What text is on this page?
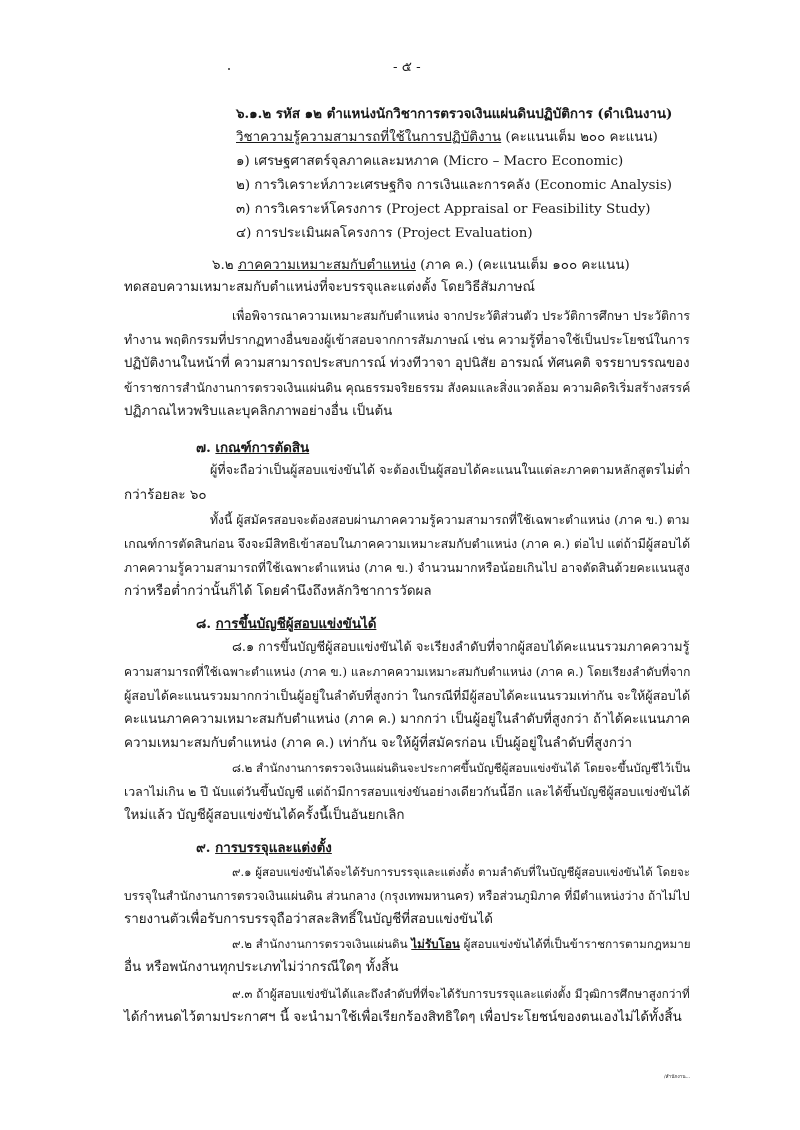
- ๕ -
๖.๑.๒ รหัส ๑๒ ตำแหน่งนักวิชาการตรวจเงินแผ่นดินปฏิบัติการ (ดำเนินงาน)
วิชาความรู้ความสามารถที่ใช้ในการปฏิบัติงาน (คะแนนเต็ม ๒๐๐ คะแนน)
๑) เศรษฐศาสตร์จุลภาคและมหภาค (Micro – Macro Economic)
๒) การวิเคราะห์ภาวะเศรษฐกิจ การเงินและการคลัง (Economic Analysis)
๓) การวิเคราะห์โครงการ (Project Appraisal or Feasibility Study)
๔) การประเมินผลโครงการ (Project Evaluation)
๖.๒ ภาคความเหมาะสมกับตำแหน่ง (ภาค ค.) (คะแนนเต็ม ๑๐๐ คะแนน)
ทดสอบความเหมาะสมกับตำแหน่งที่จะบรรจุและแต่งตั้ง โดยวิธีสัมภาษณ์
เพื่อพิจารณาความเหมาะสมกับตำแหน่ง จากประวัติส่วนตัว ประวัติการศึกษา ประวัติการ
ทำงาน พฤติกรรมที่ปรากฏทางอื่นของผู้เข้าสอบจากการสัมภาษณ์ เช่น ความรู้ที่อาจใช้เป็นประโยชน์ในการ
ปฏิบัติงานในหน้าที่ ความสามารถประสบการณ์ ท่วงทีวาจา อุปนิสัย อารมณ์ ทัศนคติ จรรยาบรรณของ
ข้าราชการสำนักงานการตรวจเงินแผ่นดิน คุณธรรมจริยธรรม สังคมและสิ่งแวดล้อม ความคิดริเริ่มสร้างสรรค์
ปฏิภาณไหวพริบและบุคลิกภาพอย่างอื่น เป็นต้น
๗. เกณฑ์การตัดสิน
ผู้ที่จะถือว่าเป็นผู้สอบแข่งขันได้ จะต้องเป็นผู้สอบได้คะแนนในแต่ละภาคตามหลักสูตรไม่ต่ำ
กว่าร้อยละ ๖๐
ทั้งนี้ ผู้สมัครสอบจะต้องสอบผ่านภาคความรู้ความสามารถที่ใช้เฉพาะตำแหน่ง (ภาค ข.) ตาม
เกณฑ์การตัดสินก่อน จึงจะมีสิทธิเข้าสอบในภาคความเหมาะสมกับตำแหน่ง (ภาค ค.) ต่อไป แต่ถ้ามีผู้สอบได้
ภาคความรู้ความสามารถที่ใช้เฉพาะตำแหน่ง (ภาค ข.) จำนวนมากหรือน้อยเกินไป อาจตัดสินด้วยคะแนนสูง
กว่าหรือต่ำกว่านั้นก็ได้ โดยคำนึงถึงหลักวิชาการวัดผล
๘. การขึ้นบัญชีผู้สอบแข่งขันได้
๘.๑ การขึ้นบัญชีผู้สอบแข่งขันได้ จะเรียงลำดับที่จากผู้สอบได้คะแนนรวมภาคความรู้
ความสามารถที่ใช้เฉพาะตำแหน่ง (ภาค ข.) และภาคความเหมาะสมกับตำแหน่ง (ภาค ค.) โดยเรียงลำดับที่จาก
ผู้สอบได้คะแนนรวมมากกว่าเป็นผู้อยู่ในลำดับที่สูงกว่า ในกรณีที่มีผู้สอบได้คะแนนรวมเท่ากัน จะให้ผู้สอบได้
คะแนนภาคความเหมาะสมกับตำแหน่ง (ภาค ค.) มากกว่า เป็นผู้อยู่ในลำดับที่สูงกว่า ถ้าได้คะแนนภาค
ความเหมาะสมกับตำแหน่ง (ภาค ค.) เท่ากัน จะให้ผู้ที่สมัครก่อน เป็นผู้อยู่ในลำดับที่สูงกว่า
๘.๒ สำนักงานการตรวจเงินแผ่นดินจะประกาศขึ้นบัญชีผู้สอบแข่งขันได้ โดยจะขึ้นบัญชีไว้เป็น
เวลาไม่เกิน ๒ ปี นับแต่วันขึ้นบัญชี แต่ถ้ามีการสอบแข่งขันอย่างเดียวกันนี้อีก และได้ขึ้นบัญชีผู้สอบแข่งขันได้
ใหม่แล้ว บัญชีผู้สอบแข่งขันได้ครั้งนี้เป็นอันยกเลิก
๙. การบรรจุและแต่งตั้ง
๙.๑ ผู้สอบแข่งขันได้จะได้รับการบรรจุและแต่งตั้ง ตามลำดับที่ในบัญชีผู้สอบแข่งขันได้ โดยจะ
บรรจุในสำนักงานการตรวจเงินแผ่นดิน ส่วนกลาง (กรุงเทพมหานคร) หรือส่วนภูมิภาค ที่มีตำแหน่งว่าง ถ้าไม่ไป
รายงานตัวเพื่อรับการบรรจุถือว่าสละสิทธิ์ในบัญชีที่สอบแข่งขันได้
๙.๒ สำนักงานการตรวจเงินแผ่นดิน ไม่รับโอน ผู้สอบแข่งขันได้ที่เป็นข้าราชการตามกฎหมาย
อื่น หรือพนักงานทุกประเภทไม่ว่ากรณีใดๆ ทั้งสิ้น
๙.๓ ถ้าผู้สอบแข่งขันได้และถึงลำดับที่ที่จะได้รับการบรรจุและแต่งตั้ง มีวุฒิการศึกษาสูงกว่าที่
ได้กำหนดไว้ตามประกาศฯ นี้ จะนำมาใช้เพื่อเรียกร้องสิทธิใดๆ เพื่อประโยชน์ของตนเองไม่ได้ทั้งสิ้น
/สำนักงาน...
